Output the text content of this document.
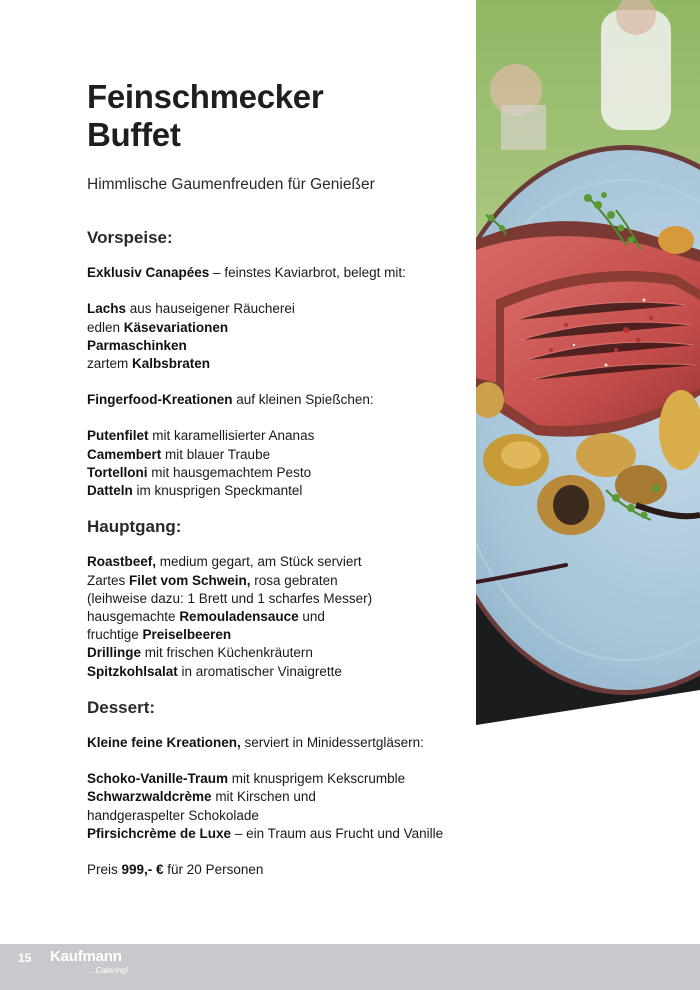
Feinschmecker
Buffet
Himmlische Gaumenfreuden für Genießer
Vorspeise:
Exklusiv Canapées – feinstes Kaviarbrot, belegt mit:
Lachs aus hauseigener Räucherei
edlen Käsevariationen
Parmaschinken
zartem Kalbsbraten
Fingerfood-Kreationen auf kleinen Spießchen:
Putenfilet mit karamellisierter Ananas
Camembert mit blauer Traube
Tortelloni mit hausgemachtem Pesto
Datteln im knusprigen Speckmantel
Hauptgang:
Roastbeef, medium gegart, am Stück serviert
Zartes Filet vom Schwein, rosa gebraten
(leihweise dazu: 1 Brett und 1 scharfes Messer)
hausgemachte Remouladensauce und
fruchtige Preiselbeeren
Drillinge mit frischen Küchenkräutern
Spitzkohlsalat in aromatischer Vinaigrette
Dessert:
Kleine feine Kreationen, serviert in Minidessertgläsern:
Schoko-Vanille-Traum mit knusprigem Kekscrumble
Schwarzwaldcrème mit Kirschen und
handgeraspelter Schokolade
Pfirsichcrème de Luxe – ein Traum aus Frucht und Vanille
Preis 999,- € für 20 Personen
15 Kaufmann
...Catering!
